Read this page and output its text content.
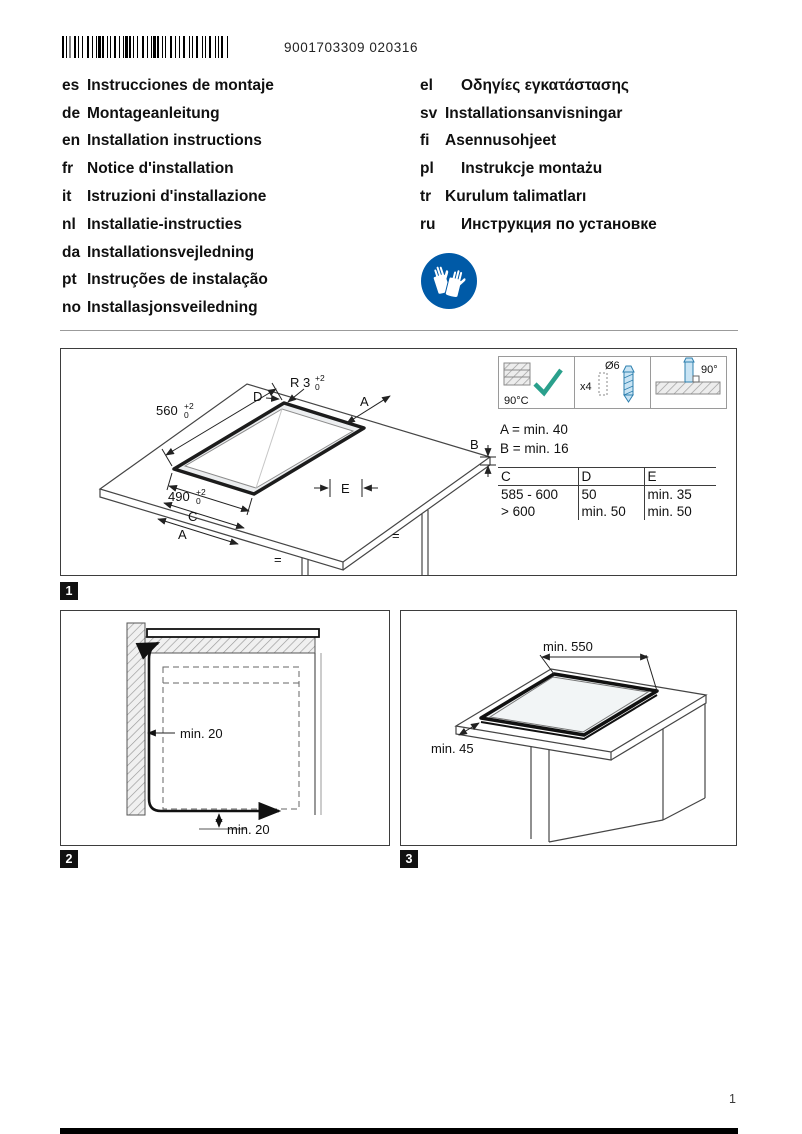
9001703309 020316
es Instrucciones de montaje
de Montageanleitung
en Installation instructions
fr Notice d'installation
it	Istruzioni d'installazione
nl Installatie-instructies
da Installationsvejledning
pt Instruções de instalação
no Installasjonsveiledning
el	Οδηγίες εγκατάστασης
sv Installationsanvisningar
fi	Asennusohjeet
pl	Instrukcje montażu
tr Kurulum talimatları
ru	Инструкция по установке
560 +2
0
490 +2
0
R 3 +2
0
D	A
B
E
C
A
=
=
90°C
Ø6
x4
90°
A = min. 40
B = min. 16
C	D	E
585 - 600	50	min. 35
> 600	min. 50	min. 50
1
min. 20
min. 20
2
min. 550
min. 45
3
1
